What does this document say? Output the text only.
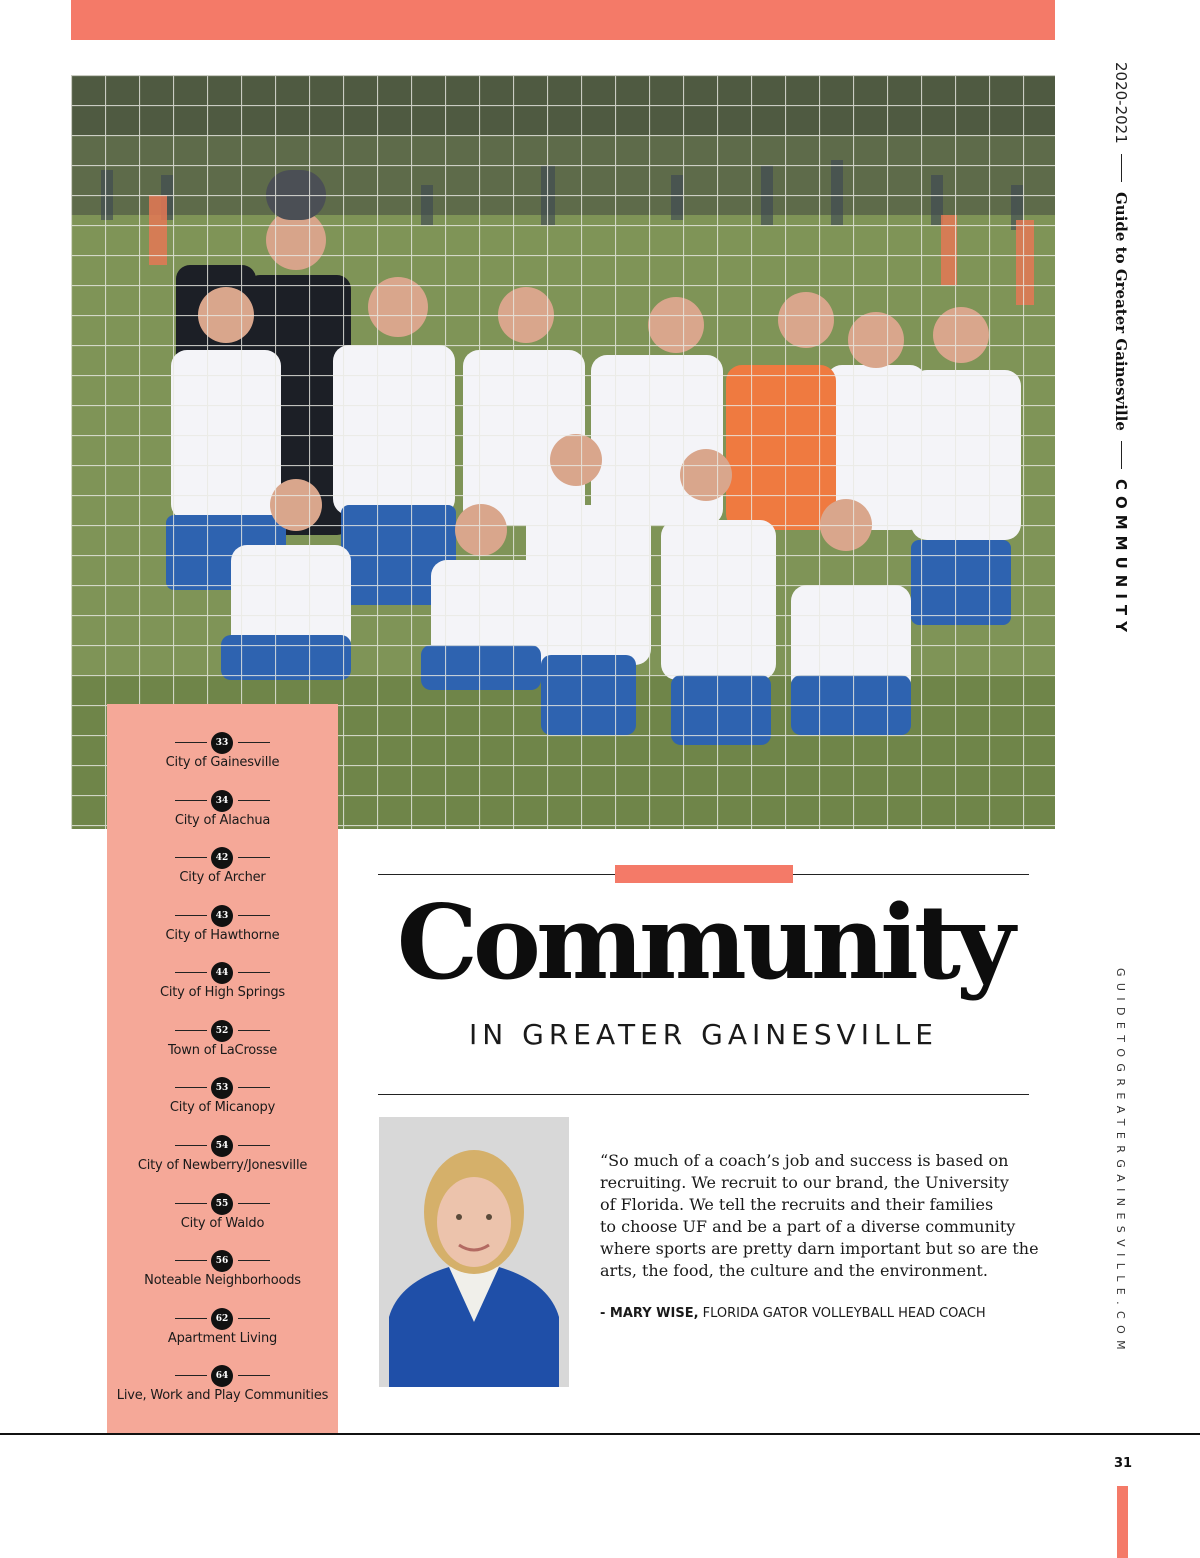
2020-2021
Guide to Greater Gainesville
COMMUNITY
GUIDETOGREATERGAINESVILLE.COM
33
City of Gainesville
34
City of Alachua
42
City of Archer
43
City of Hawthorne
44
City of High Springs
52
Town of LaCrosse
53
City of Micanopy
54
City of Newberry/Jonesville
55
City of Waldo
56
Noteable Neighborhoods
62
Apartment Living
64
Live, Work and Play Communities
Community
IN GREATER GAINESVILLE
“So much of a coach’s job and success is based on
recruiting. We recruit to our brand, the University
of Florida. We tell the recruits and their families
to choose UF and be a part of a diverse community
where sports are pretty darn important but so are the
arts, the food, the culture and the environment.
- MARY WISE, FLORIDA GATOR VOLLEYBALL HEAD COACH
31
